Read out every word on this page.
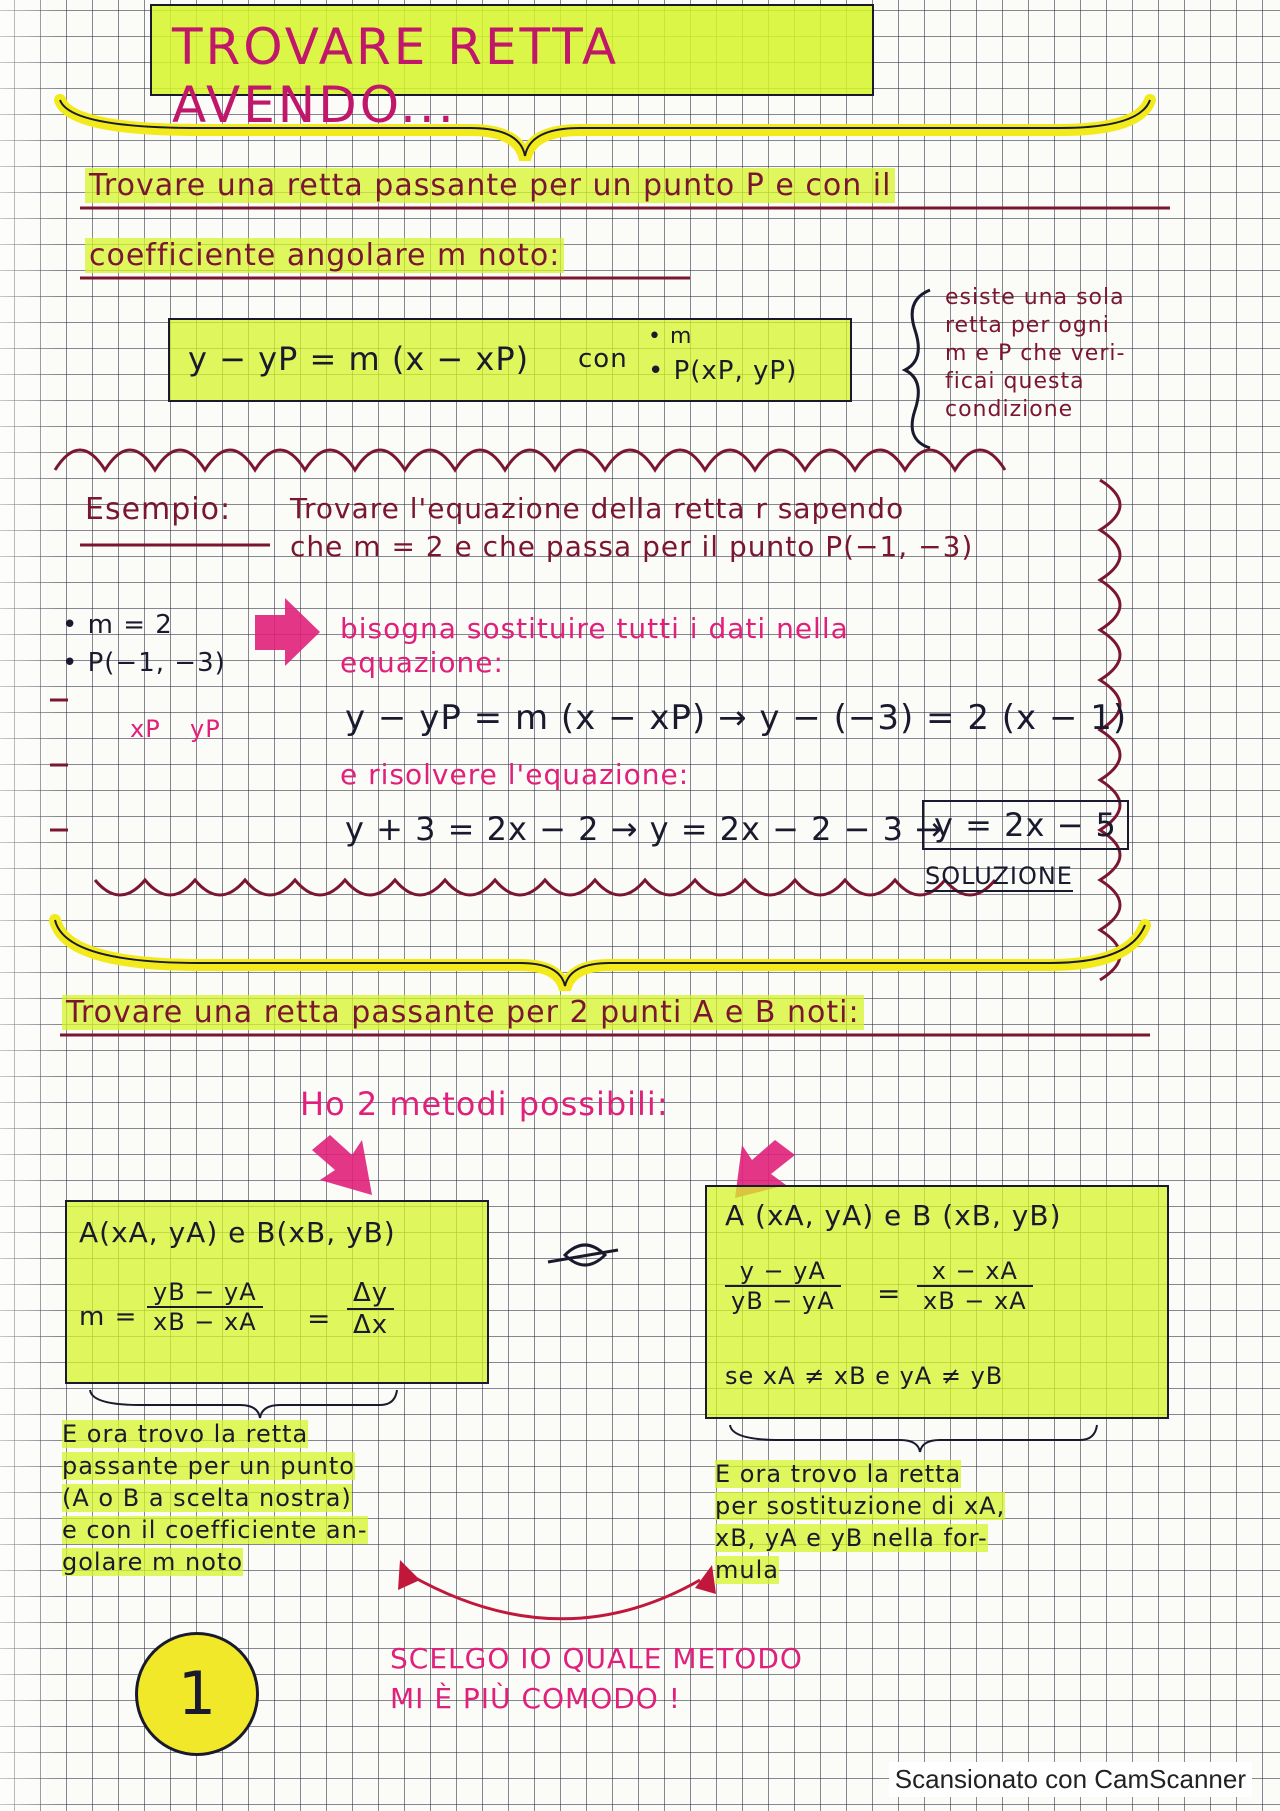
TROVARE RETTA AVENDO...
Trovare una retta passante per un punto P e con il
coefficiente angolare m noto:
y − yP = m (x − xP) con
• m
• P(xP, yP)
esiste una sola
retta per ogni
m e P che veri-
ficai questa
condizione
Esempio: Trovare l'equazione della retta r sapendo
che m = 2 e che passa per il punto P(−1, −3)
• m = 2
• P(−1, −3)
xP yP
bisogna sostituire tutti i dati nella
equazione:
y − yP = m (x − xP) → y − (−3) = 2 (x − 1)
e risolvere l'equazione:
y + 3 = 2x − 2 → y = 2x − 2 − 3 →
y = 2x − 5
SOLUZIONE
Trovare una retta passante per 2 punti A e B noti:
Ho 2 metodi possibili:
A(xA, yA) e B(xB, yB)
$m = \frac{yB - yA}{xB - xA} = \frac{\Delta y}{\Delta x}$
A (xA, yA) e B (xB, yB)
$\frac{y - yA}{yB - yA} = \frac{x - xA}{xB - xA}$
se xA ≠ xB e yA ≠ yB
E ora trovo la retta
passante per un punto
(A o B a scelta nostra)
e con il coefficiente an-
golare m noto
E ora trovo la retta
per sostituzione di xA,
xB, yA e yB nella for-
mula
SCELGO IO QUALE METODO
MI È PIÙ COMODO !
1
Scansionato con CamScanner
